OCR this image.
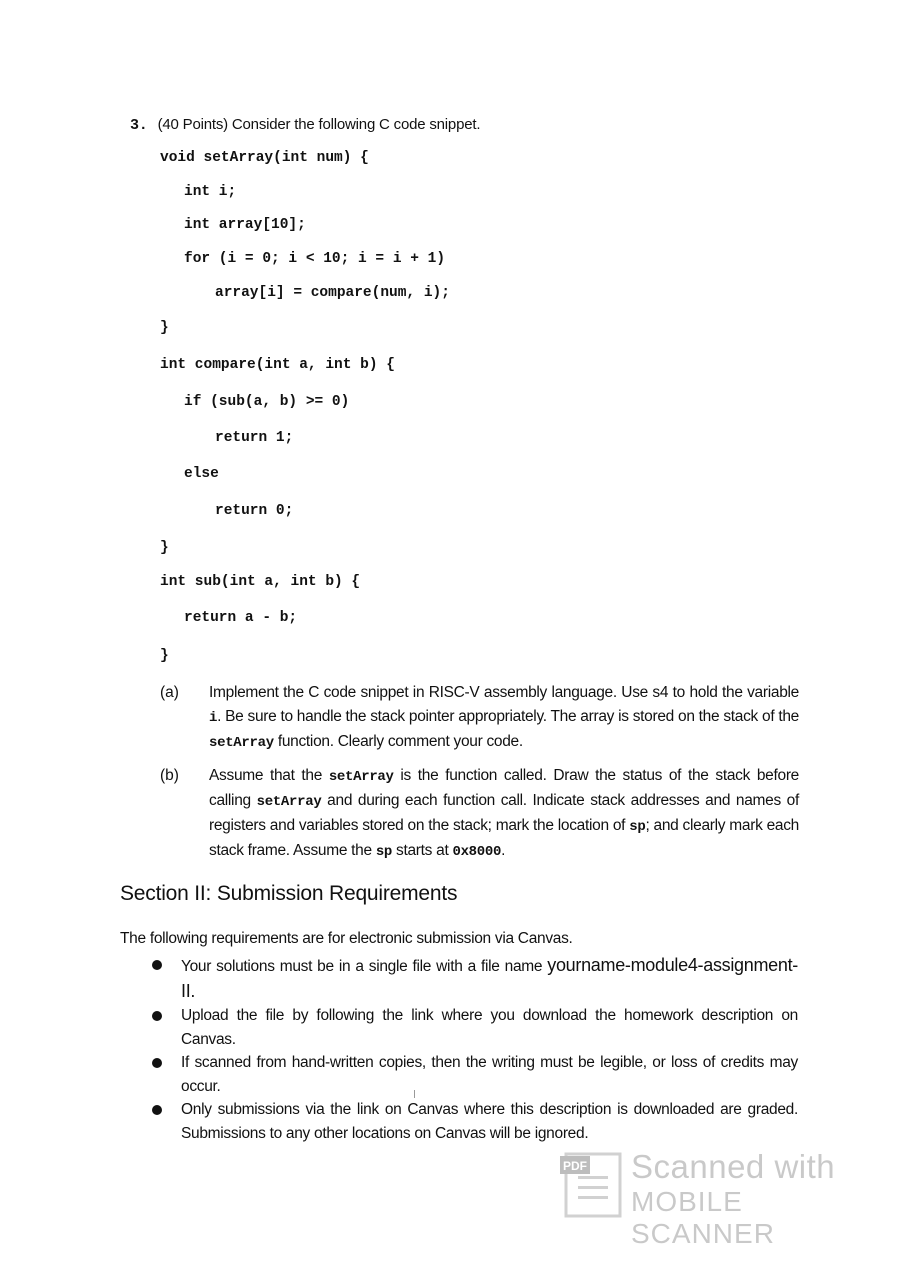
3. (40 Points) Consider the following C code snippet.
void setArray(int num) {
int i;
int array[10];
for (i = 0; i < 10; i = i + 1)
array[i] = compare(num, i);
}
int compare(int a, int b) {
if (sub(a, b) >= 0)
return 1;
else
return 0;
}
int sub(int a, int b) {
return a - b;
}
(a) Implement the C code snippet in RISC-V assembly language. Use s4 to hold the variable i. Be sure to handle the stack pointer appropriately. The array is stored on the stack of the setArray function. Clearly comment your code.
(b) Assume that the setArray is the function called. Draw the status of the stack before calling setArray and during each function call. Indicate stack addresses and names of registers and variables stored on the stack; mark the location of sp; and clearly mark each stack frame. Assume the sp starts at 0x8000.
Section II: Submission Requirements
The following requirements are for electronic submission via Canvas.
Your solutions must be in a single file with a file name yourname-module4-assignment-II.
Upload the file by following the link where you download the homework description on Canvas.
If scanned from hand-written copies, then the writing must be legible, or loss of credits may occur.
Only submissions via the link on Canvas where this description is downloaded are graded. Submissions to any other locations on Canvas will be ignored.
PDF Scanned with
MOBILE SCANNER
